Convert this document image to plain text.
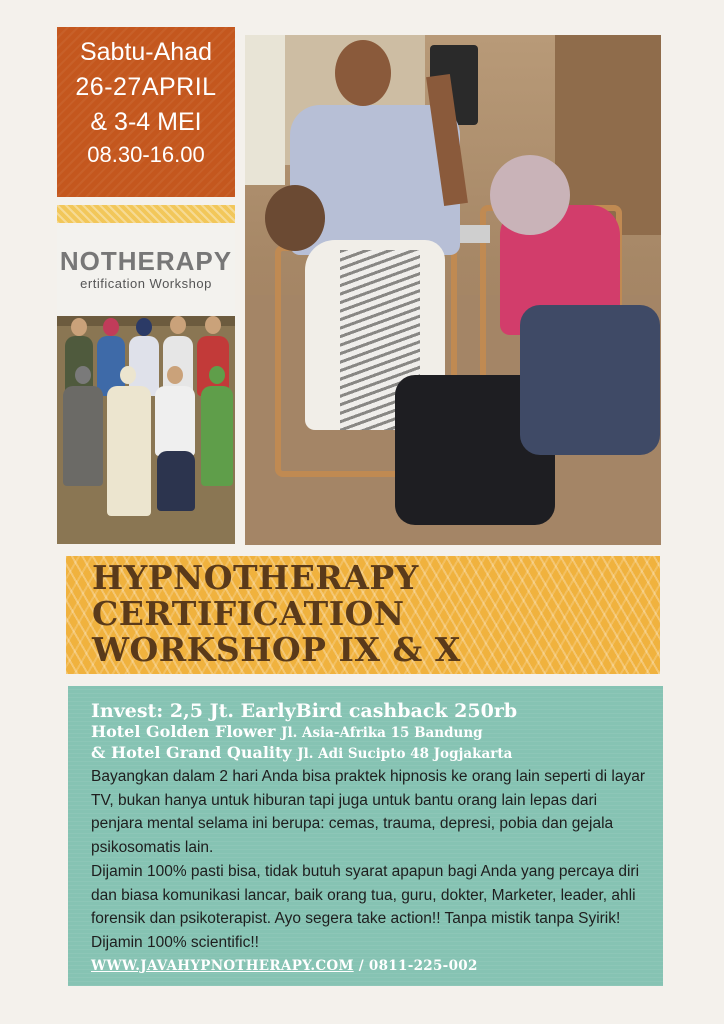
Sabtu-Ahad
26-27APRIL
& 3-4 MEI
08.30-16.00
NOTHERAPY
ertification Workshop
HYPNOTHERAPY
CERTIFICATION
WORKSHOP IX & X
Invest: 2,5 Jt. EarlyBird cashback 250rb
Hotel Golden Flower Jl. Asia-Afrika 15 Bandung
& Hotel Grand Quality Jl. Adi Sucipto 48 Jogjakarta
Bayangkan dalam 2 hari Anda bisa praktek hipnosis ke orang lain seperti di layar TV, bukan hanya untuk hiburan tapi juga untuk bantu orang lain lepas dari penjara mental selama ini berupa: cemas, trauma, depresi, pobia dan gejala psikosomatis lain.
Dijamin 100% pasti bisa, tidak butuh syarat apapun bagi Anda yang percaya diri dan biasa komunikasi lancar, baik orang tua, guru, dokter, Marketer, leader, ahli forensik dan psikoterapist. Ayo segera take action!! Tanpa mistik tanpa Syirik! Dijamin 100% scientific!!
WWW.JAVAHYPNOTHERAPY.COM / 0811-225-002
